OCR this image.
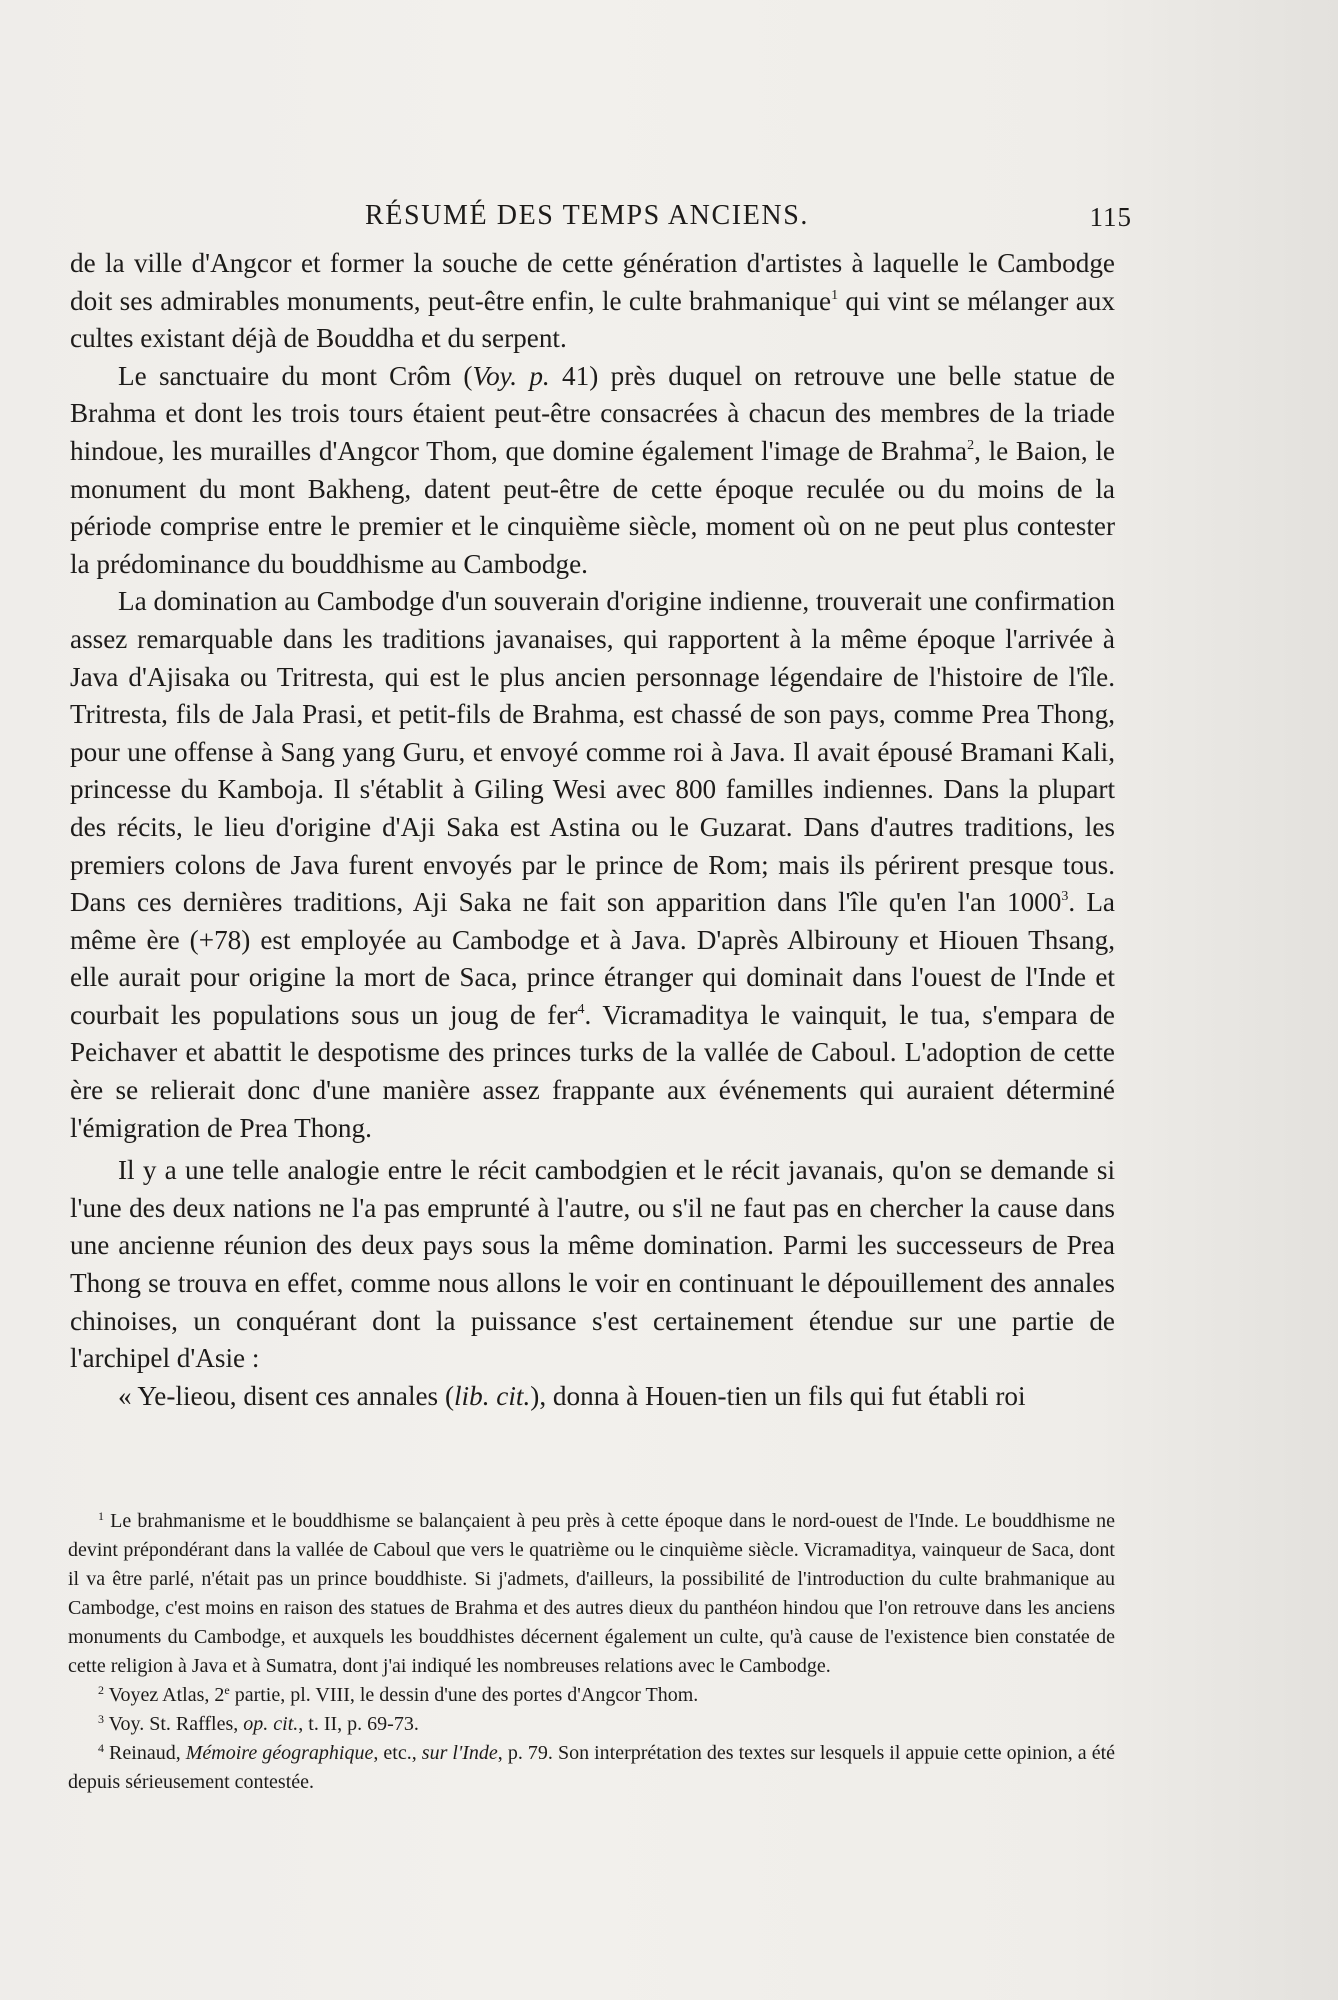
RÉSUMÉ DES TEMPS ANCIENS.	115

de la ville d'Angcor et former la souche de cette génération d'artistes à laquelle le Cambodge doit ses admirables monuments, peut-être enfin, le culte brahmanique$^1$ qui vint se mélanger aux cultes existant déjà de Bouddha et du serpent.

Le sanctuaire du mont Crôm (Voy. p. 41) près duquel on retrouve une belle statue de Brahma et dont les trois tours étaient peut-être consacrées à chacun des membres de la triade hindoue, les murailles d'Angcor Thom, que domine également l'image de Brahma$^2$, le Baion, le monument du mont Bakheng, datent peut-être de cette époque reculée ou du moins de la période comprise entre le premier et le cinquième siècle, moment où on ne peut plus contester la prédominance du bouddhisme au Cambodge.

La domination au Cambodge d'un souverain d'origine indienne, trouverait une confirmation assez remarquable dans les traditions javanaises, qui rapportent à la même époque l'arrivée à Java d'Ajisaka ou Tritresta, qui est le plus ancien personnage légendaire de l'histoire de l'île. Tritresta, fils de Jala Prasi, et petit-fils de Brahma, est chassé de son pays, comme Prea Thong, pour une offense à Sang yang Guru, et envoyé comme roi à Java. Il avait épousé Bramani Kali, princesse du Kamboja. Il s'établit à Giling Wesi avec 800 familles indiennes. Dans la plupart des récits, le lieu d'origine d'Aji Saka est Astina ou le Guzarat. Dans d'autres traditions, les premiers colons de Java furent envoyés par le prince de Rom; mais ils périrent presque tous. Dans ces dernières traditions, Aji Saka ne fait son apparition dans l'île qu'en l'an 1000$^3$. La même ère (+78) est employée au Cambodge et à Java. D'après Albirouny et Hiouen Thsang, elle aurait pour origine la mort de Saca, prince étranger qui dominait dans l'ouest de l'Inde et courbait les populations sous un joug de fer$^4$. Vicramaditya le vainquit, le tua, s'empara de Peichaver et abattit le despotisme des princes turks de la vallée de Caboul. L'adoption de cette ère se relierait donc d'une manière assez frappante aux événements qui auraient déterminé l'émigration de Prea Thong.

Il y a une telle analogie entre le récit cambodgien et le récit javanais, qu'on se demande si l'une des deux nations ne l'a pas emprunté à l'autre, ou s'il ne faut pas en chercher la cause dans une ancienne réunion des deux pays sous la même domination. Parmi les successeurs de Prea Thong se trouva en effet, comme nous allons le voir en continuant le dépouillement des annales chinoises, un conquérant dont la puissance s'est certainement étendue sur une partie de l'archipel d'Asie :

« Ye-lieou, disent ces annales (lib. cit.), donna à Houen-tien un fils qui fut établi roi

$^1$ Le brahmanisme et le bouddhisme se balançaient à peu près à cette époque dans le nord-ouest de l'Inde. Le bouddhisme ne devint prépondérant dans la vallée de Caboul que vers le quatrième ou le cinquième siècle. Vicramaditya, vainqueur de Saca, dont il va être parlé, n'était pas un prince bouddhiste. Si j'admets, d'ailleurs, la possibilité de l'introduction du culte brahmanique au Cambodge, c'est moins en raison des statues de Brahma et des autres dieux du panthéon hindou que l'on retrouve dans les anciens monuments du Cambodge, et auxquels les bouddhistes décernent également un culte, qu'à cause de l'existence bien constatée de cette religion à Java et à Sumatra, dont j'ai indiqué les nombreuses relations avec le Cambodge.

$^2$ Voyez Atlas, 2e partie, pl. VIII, le dessin d'une des portes d'Angcor Thom.

$^3$ Voy. St. Raffles, op. cit., t. II, p. 69-73.

$^4$ Reinaud, Mémoire géographique, etc., sur l'Inde, p. 79. Son interprétation des textes sur lesquels il appuie cette opinion, a été depuis sérieusement contestée.
